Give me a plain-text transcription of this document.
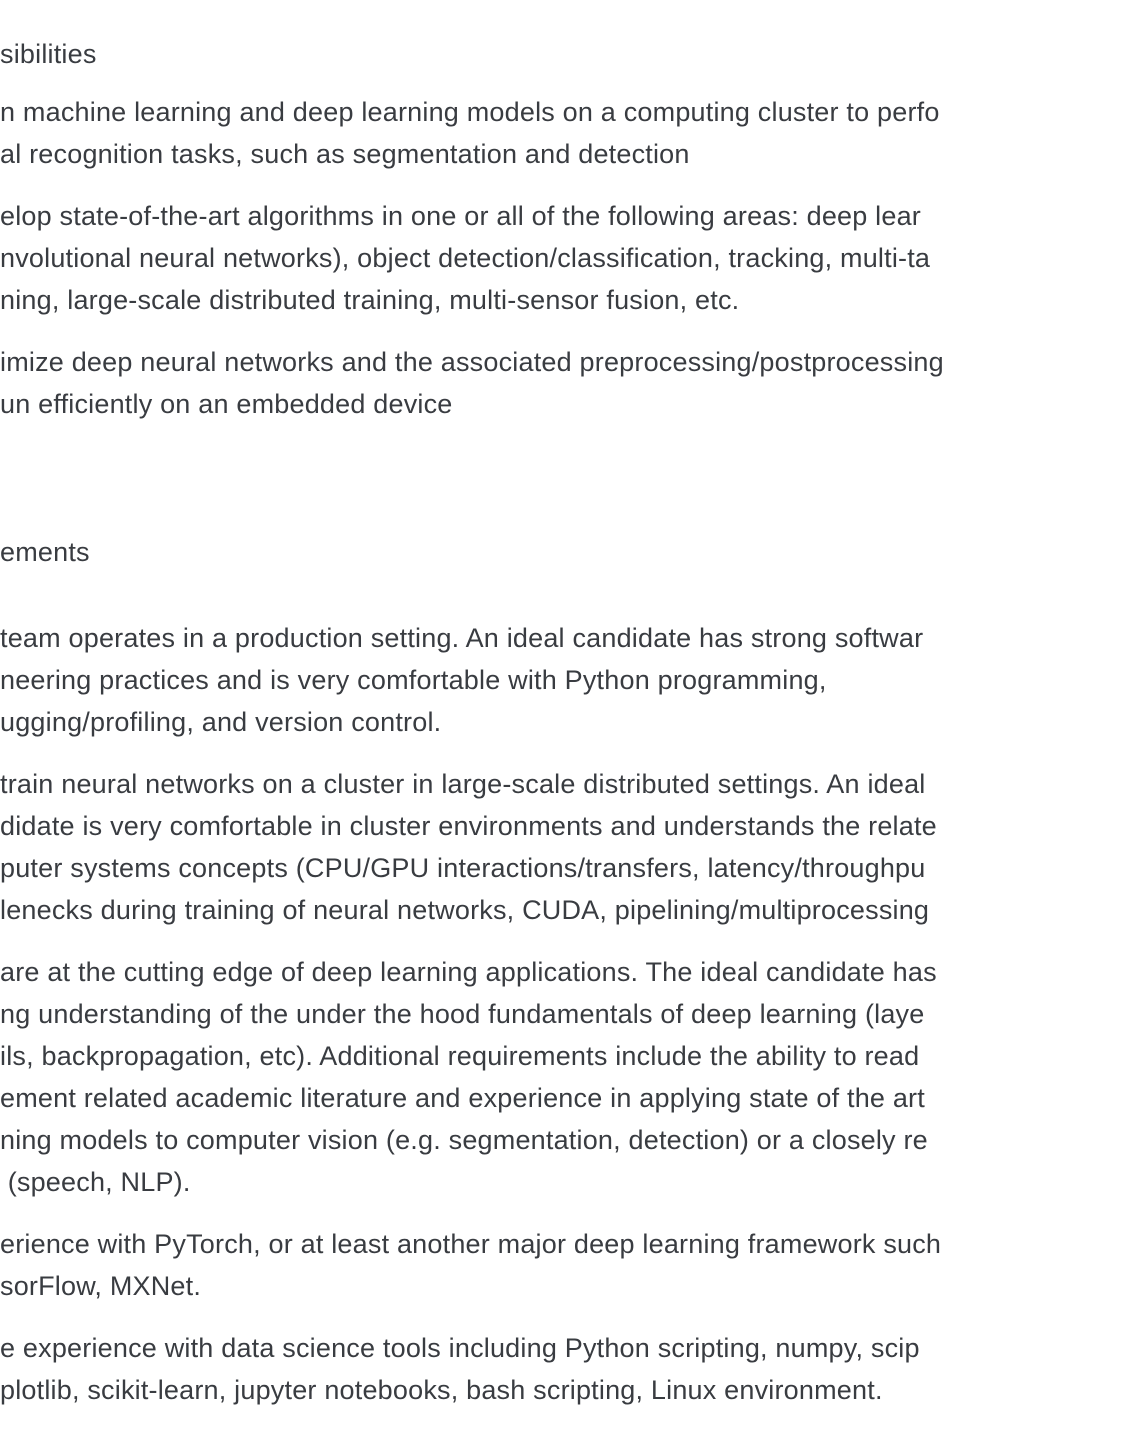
sibilities

n machine learning and deep learning models on a computing cluster to perfo

al recognition tasks, such as segmentation and detection

elop state-of-the-art algorithms in one or all of the following areas: deep lear

nvolutional neural networks), object detection/classification, tracking, multi-ta

ning, large-scale distributed training, multi-sensor fusion, etc.

imize deep neural networks and the associated preprocessing/postprocessing

un efficiently on an embedded device

ements

team operates in a production setting. An ideal candidate has strong softwar

neering practices and is very comfortable with Python programming,

ugging/profiling, and version control.

train neural networks on a cluster in large-scale distributed settings. An ideal

didate is very comfortable in cluster environments and understands the relate

puter systems concepts (CPU/GPU interactions/transfers, latency/throughpu

lenecks during training of neural networks, CUDA, pipelining/multiprocessing

are at the cutting edge of deep learning applications. The ideal candidate has

ng understanding of the under the hood fundamentals of deep learning (laye

ils, backpropagation, etc). Additional requirements include the ability to read

ement related academic literature and experience in applying state of the art

ning models to computer vision (e.g. segmentation, detection) or a closely re

(speech, NLP).

erience with PyTorch, or at least another major deep learning framework such

sorFlow, MXNet.

e experience with data science tools including Python scripting, numpy, scip

plotlib, scikit-learn, jupyter notebooks, bash scripting, Linux environment.
